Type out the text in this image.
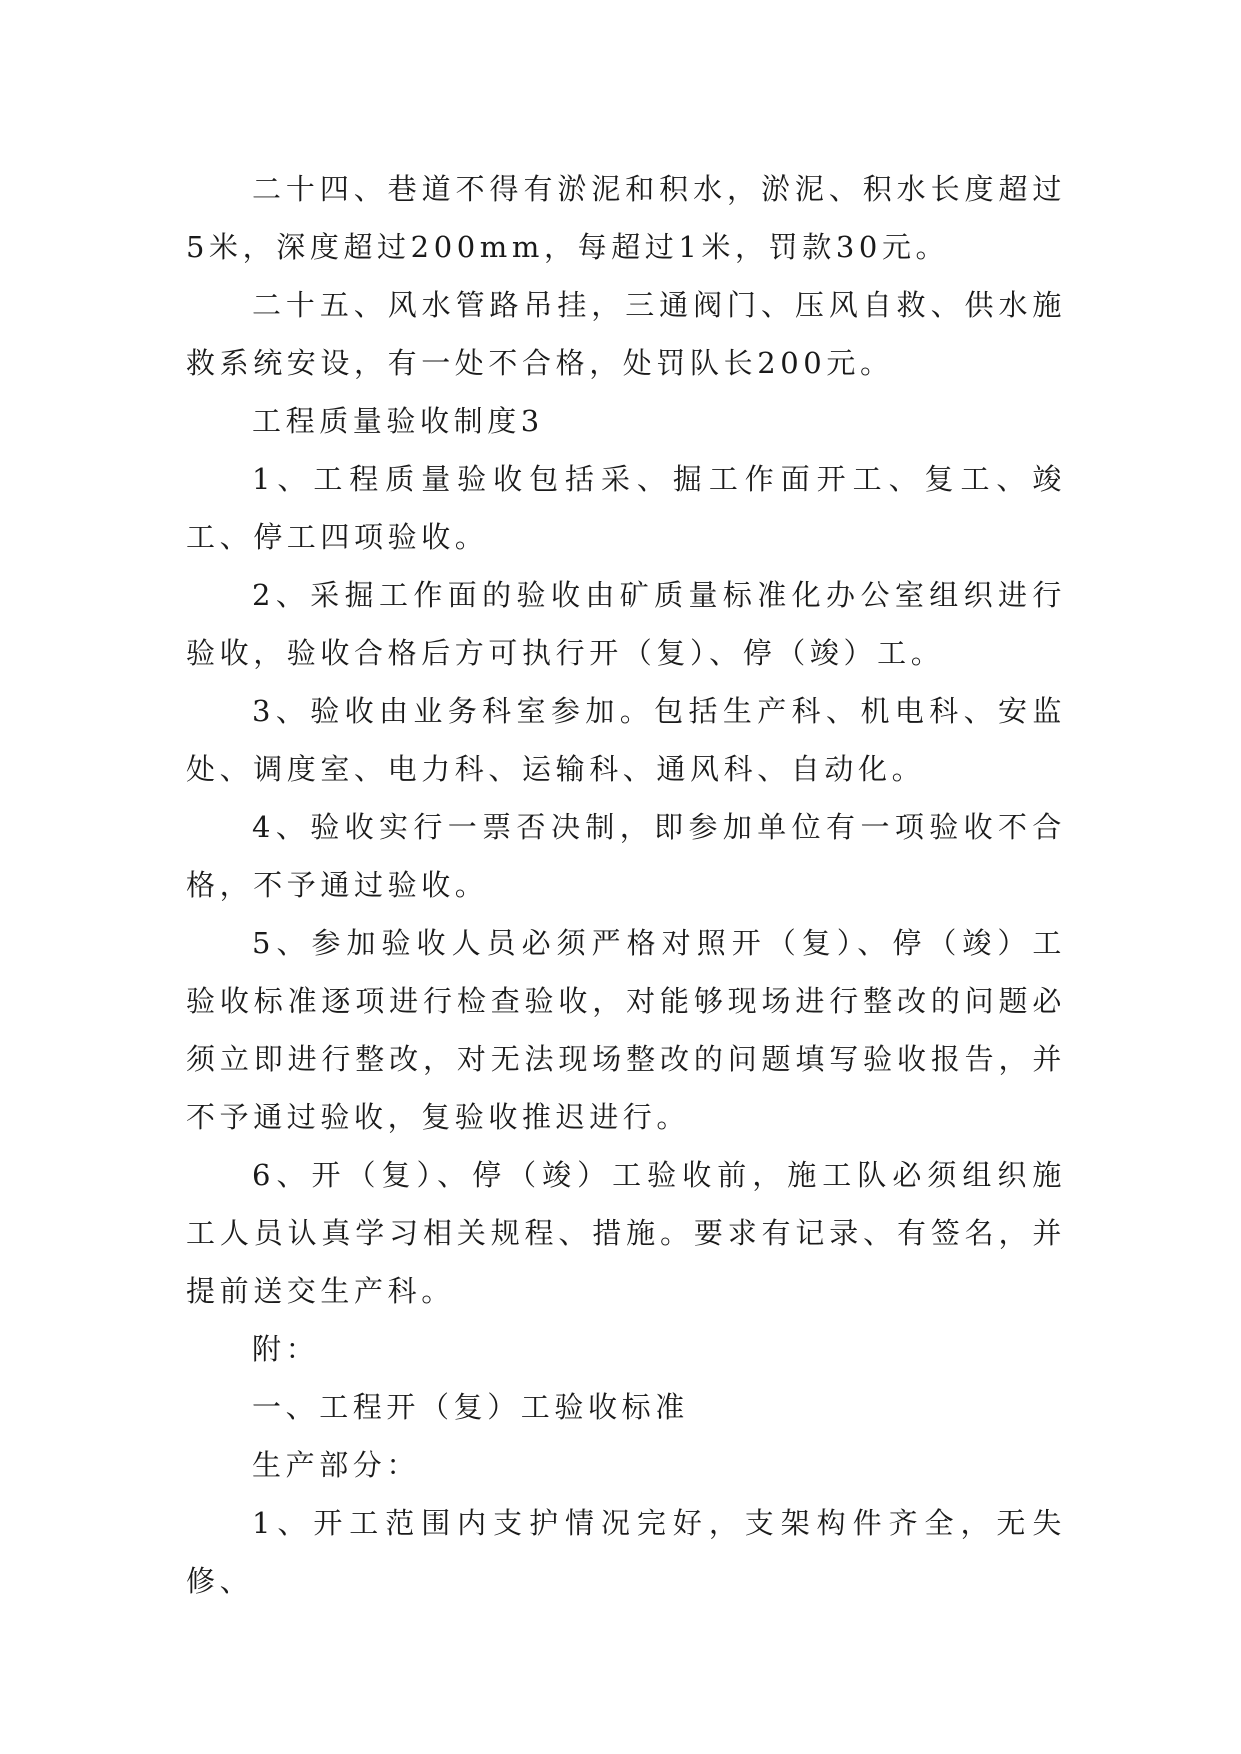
二十四、巷道不得有淤泥和积水，淤泥、积水长度超过5米，深度超过200mm，每超过1米，罚款30元。

二十五、风水管路吊挂，三通阀门、压风自救、供水施救系统安设，有一处不合格，处罚队长200元。

工程质量验收制度3

1、工程质量验收包括采、掘工作面开工、复工、竣工、停工四项验收。

2、采掘工作面的验收由矿质量标准化办公室组织进行验收，验收合格后方可执行开（复）、停（竣）工。

3、验收由业务科室参加。包括生产科、机电科、安监处、调度室、电力科、运输科、通风科、自动化。

4、验收实行一票否决制，即参加单位有一项验收不合格，不予通过验收。

5、参加验收人员必须严格对照开（复）、停（竣）工验收标准逐项进行检查验收，对能够现场进行整改的问题必须立即进行整改，对无法现场整改的问题填写验收报告，并不予通过验收，复验收推迟进行。

6、开（复）、停（竣）工验收前，施工队必须组织施工人员认真学习相关规程、措施。要求有记录、有签名，并提前送交生产科。

附：

一、工程开（复）工验收标准

生产部分：

1、开工范围内支护情况完好，支架构件齐全，无失修、
